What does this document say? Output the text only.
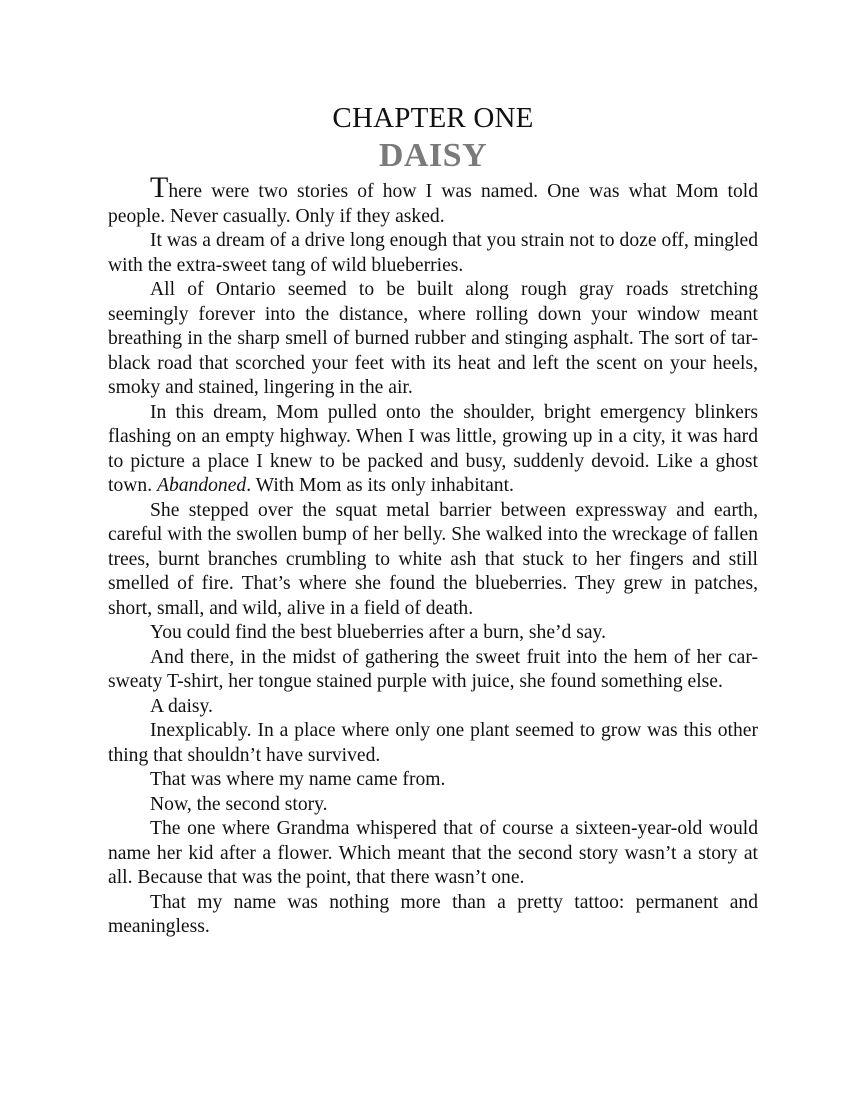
CHAPTER ONE
DAISY

There were two stories of how I was named. One was what Mom told people. Never casually. Only if they asked.

It was a dream of a drive long enough that you strain not to doze off, mingled with the extra-sweet tang of wild blueberries.

All of Ontario seemed to be built along rough gray roads stretching seemingly forever into the distance, where rolling down your window meant breathing in the sharp smell of burned rubber and stinging asphalt. The sort of tar-black road that scorched your feet with its heat and left the scent on your heels, smoky and stained, lingering in the air.

In this dream, Mom pulled onto the shoulder, bright emergency blinkers flashing on an empty highway. When I was little, growing up in a city, it was hard to picture a place I knew to be packed and busy, suddenly devoid. Like a ghost town. Abandoned. With Mom as its only inhabitant.

She stepped over the squat metal barrier between expressway and earth, careful with the swollen bump of her belly. She walked into the wreckage of fallen trees, burnt branches crumbling to white ash that stuck to her fingers and still smelled of fire. That’s where she found the blueberries. They grew in patches, short, small, and wild, alive in a field of death.

You could find the best blueberries after a burn, she’d say.

And there, in the midst of gathering the sweet fruit into the hem of her car-sweaty T-shirt, her tongue stained purple with juice, she found something else.

A daisy.

Inexplicably. In a place where only one plant seemed to grow was this other thing that shouldn’t have survived.

That was where my name came from.

Now, the second story.

The one where Grandma whispered that of course a sixteen-year-old would name her kid after a flower. Which meant that the second story wasn’t a story at all. Because that was the point, that there wasn’t one.

That my name was nothing more than a pretty tattoo: permanent and meaningless.
